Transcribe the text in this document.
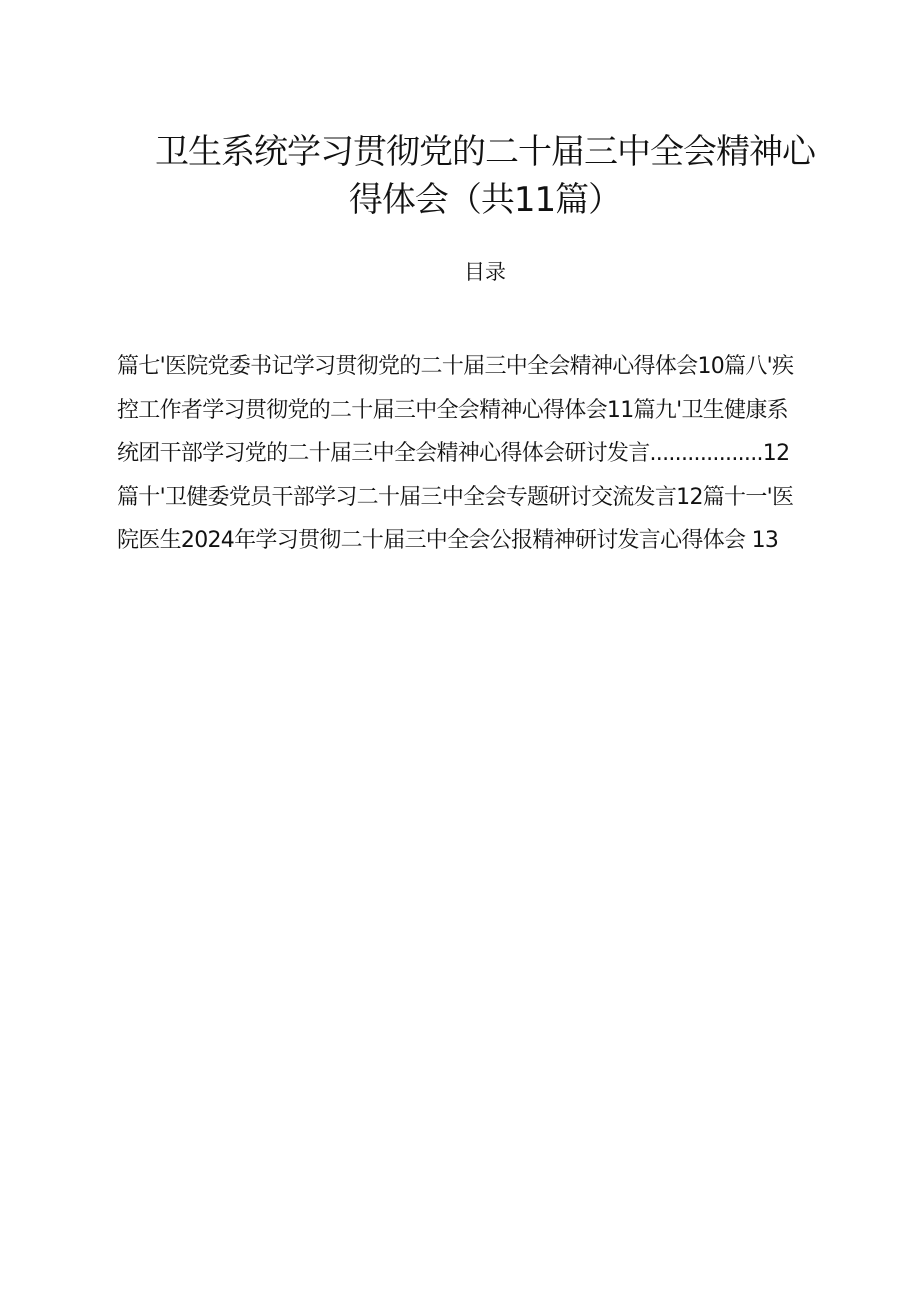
卫生系统学习贯彻党的二十届三中全会精神心
得体会（共11篇）
目录
篇七'医院党委书记学习贯彻党的二十届三中全会精神心得体会10篇八'疾
控工作者学习贯彻党的二十届三中全会精神心得体会11篇九'卫生健康系
统团干部学习党的二十届三中全会精神心得体会研讨发言..................12
篇十'卫健委党员干部学习二十届三中全会专题研讨交流发言12篇十一'医
院医生2024年学习贯彻二十届三中全会公报精神研讨发言心得体会 13
